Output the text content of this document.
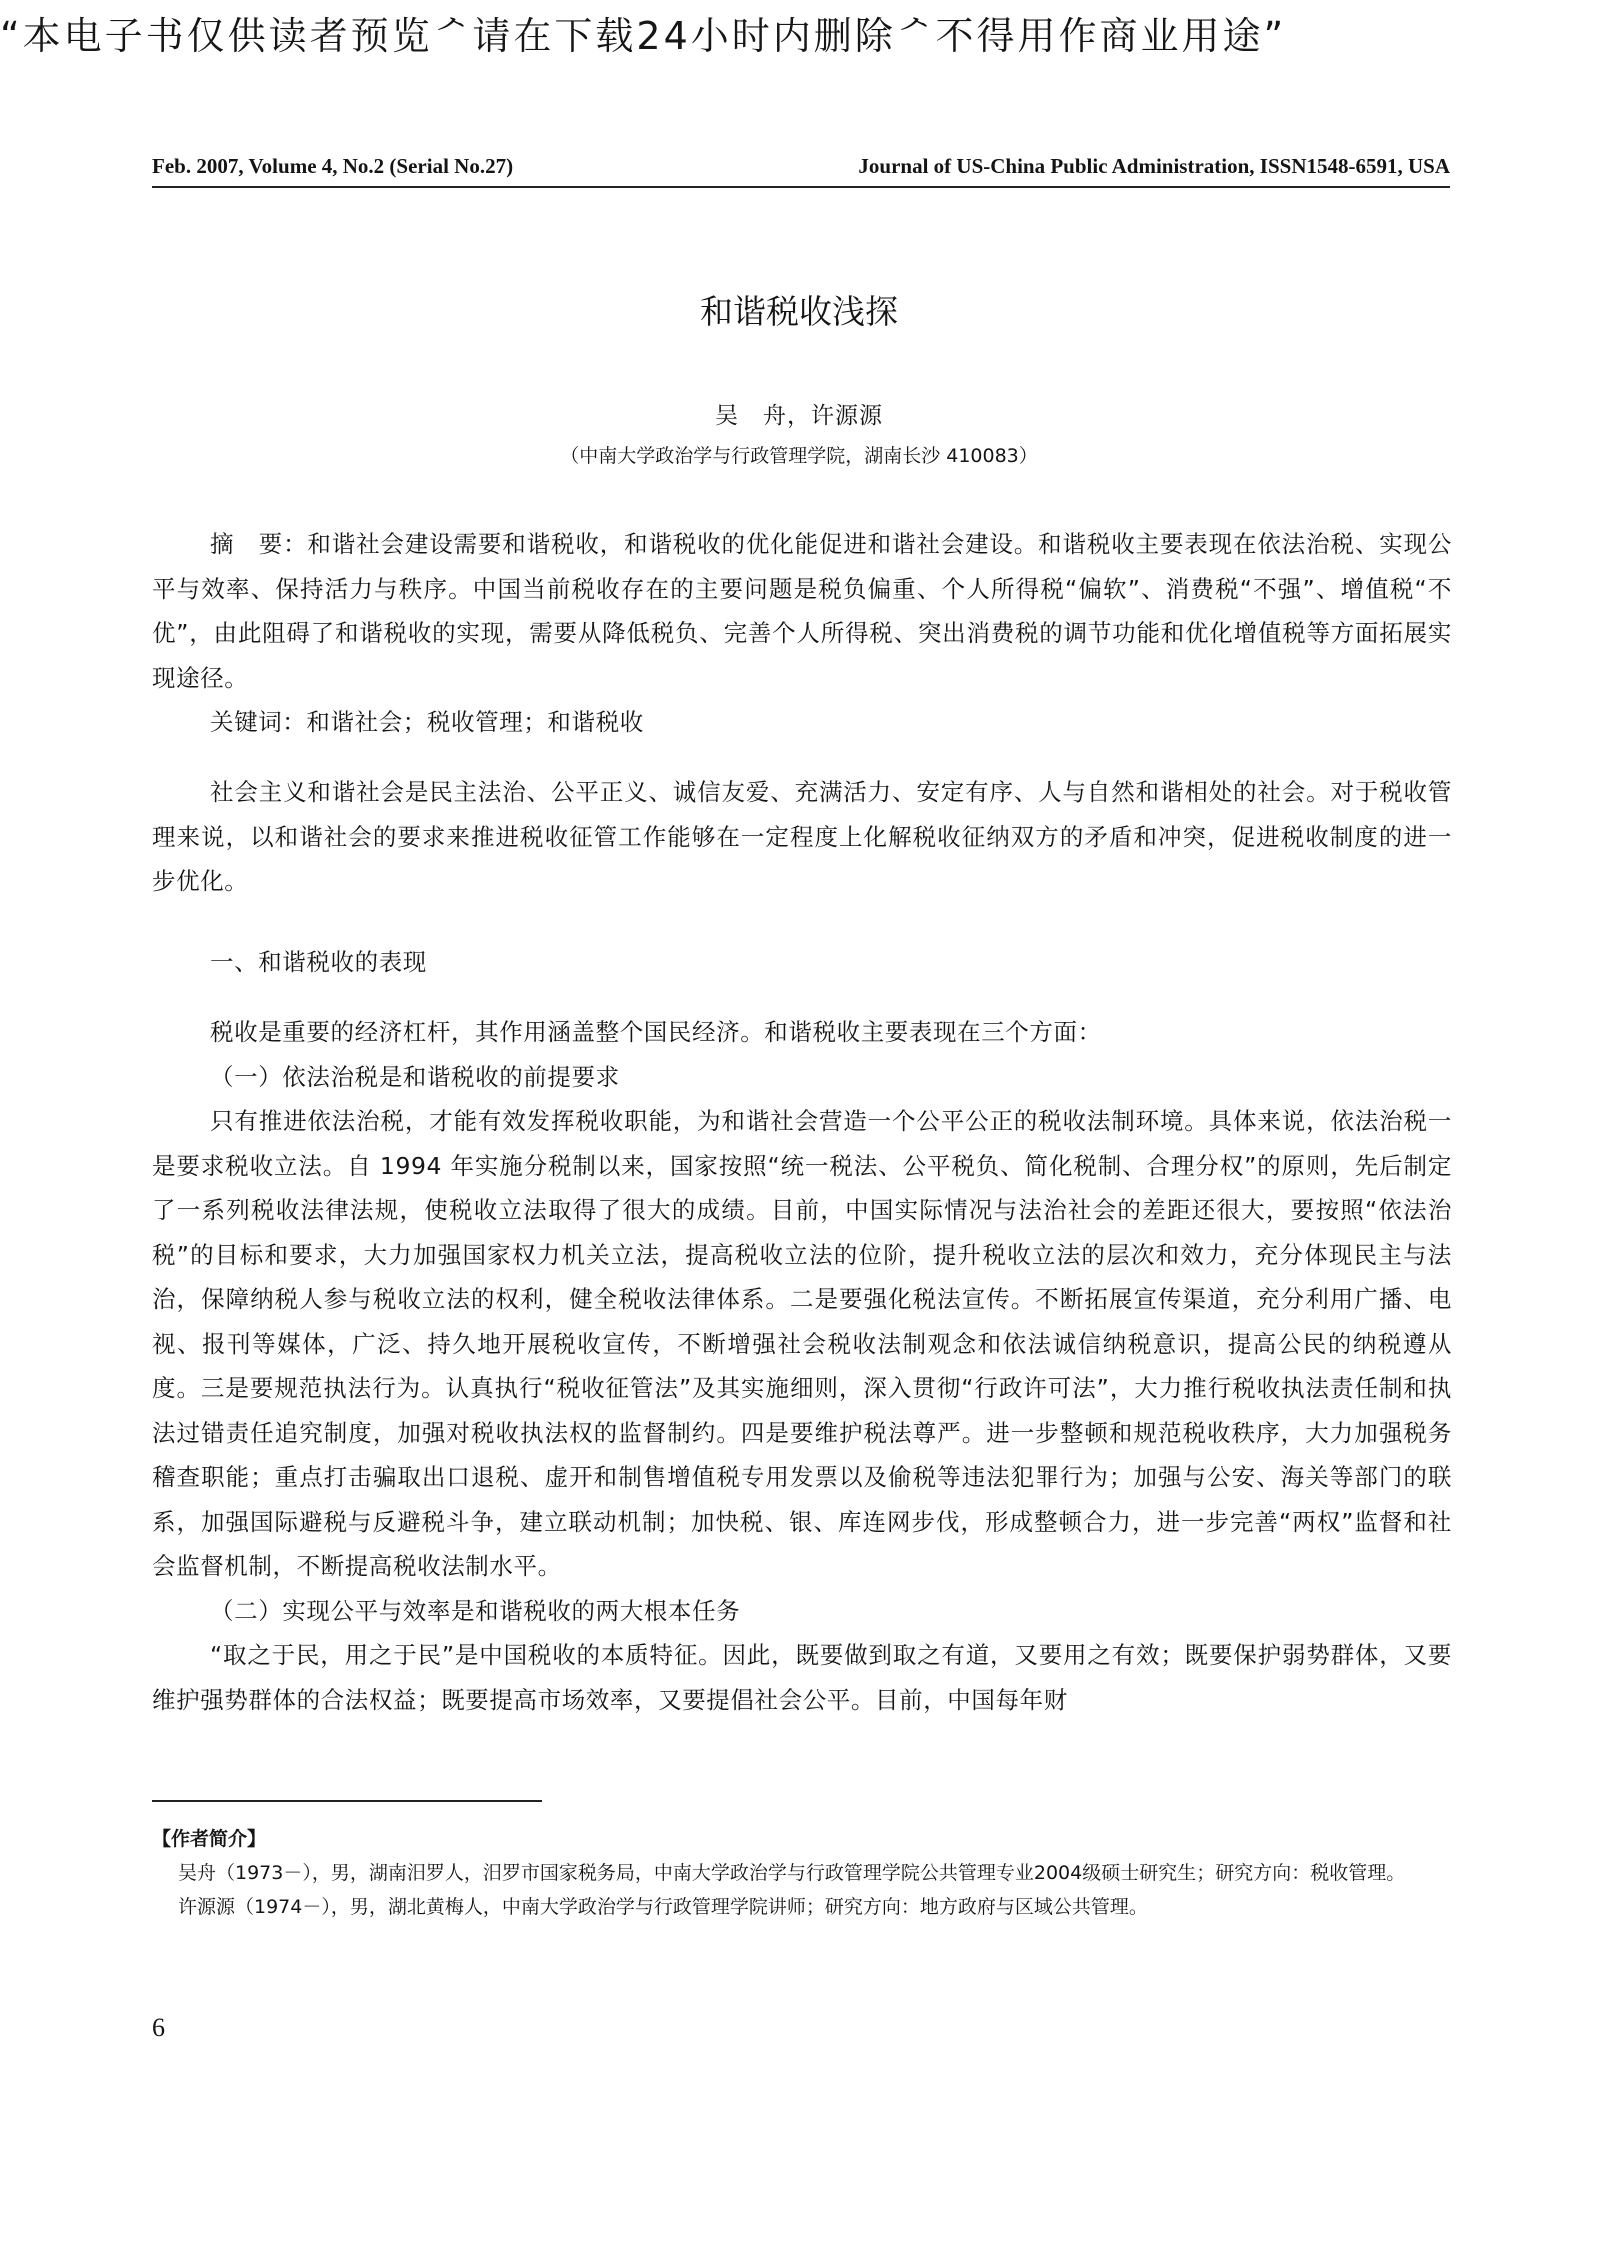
“本电子书仅供读者预览ᄼ请在下载24小时内删除ᄼ不得用作商业用途”
Feb. 2007, Volume 4, No.2 (Serial No.27)	Journal of US-China Public Administration, ISSN1548-6591, USA
和谐税收浅探
吴　舟，许源源
（中南大学政治学与行政管理学院，湖南长沙 410083）

摘　要：和谐社会建设需要和谐税收，和谐税收的优化能促进和谐社会建设。和谐税收主要表现在依法治税、实现公平与效率、保持活力与秩序。中国当前税收存在的主要问题是税负偏重、个人所得税“偏软”、消费税“不强”、增值税“不优”，由此阻碍了和谐税收的实现，需要从降低税负、完善个人所得税、突出消费税的调节功能和优化增值税等方面拓展实现途径。

关键词：和谐社会；税收管理；和谐税收

社会主义和谐社会是民主法治、公平正义、诚信友爱、充满活力、安定有序、人与自然和谐相处的社会。对于税收管理来说，以和谐社会的要求来推进税收征管工作能够在一定程度上化解税收征纳双方的矛盾和冲突，促进税收制度的进一步优化。

一、和谐税收的表现

税收是重要的经济杠杆，其作用涵盖整个国民经济。和谐税收主要表现在三个方面：

（一）依法治税是和谐税收的前提要求

只有推进依法治税，才能有效发挥税收职能，为和谐社会营造一个公平公正的税收法制环境。具体来说，依法治税一是要求税收立法。自 1994 年实施分税制以来，国家按照“统一税法、公平税负、简化税制、合理分权”的原则，先后制定了一系列税收法律法规，使税收立法取得了很大的成绩。目前，中国实际情况与法治社会的差距还很大，要按照“依法治税”的目标和要求，大力加强国家权力机关立法，提高税收立法的位阶，提升税收立法的层次和效力，充分体现民主与法治，保障纳税人参与税收立法的权利，健全税收法律体系。二是要强化税法宣传。不断拓展宣传渠道，充分利用广播、电视、报刊等媒体，广泛、持久地开展税收宣传，不断增强社会税收法制观念和依法诚信纳税意识，提高公民的纳税遵从度。三是要规范执法行为。认真执行“税收征管法”及其实施细则，深入贯彻“行政许可法”，大力推行税收执法责任制和执法过错责任追究制度，加强对税收执法权的监督制约。四是要维护税法尊严。进一步整顿和规范税收秩序，大力加强税务稽查职能；重点打击骗取出口退税、虚开和制售增值税专用发票以及偷税等违法犯罪行为；加强与公安、海关等部门的联系，加强国际避税与反避税斗争，建立联动机制；加快税、银、库连网步伐，形成整顿合力，进一步完善“两权”监督和社会监督机制，不断提高税收法制水平。

（二）实现公平与效率是和谐税收的两大根本任务

“取之于民，用之于民”是中国税收的本质特征。因此，既要做到取之有道，又要用之有效；既要保护弱势群体，又要维护强势群体的合法权益；既要提高市场效率，又要提倡社会公平。目前，中国每年财

【作者简介】

吴舟（1973－），男，湖南汨罗人，汨罗市国家税务局，中南大学政治学与行政管理学院公共管理专业2004级硕士研究生；研究方向：税收管理。

许源源（1974－），男，湖北黄梅人，中南大学政治学与行政管理学院讲师；研究方向：地方政府与区域公共管理。

6
